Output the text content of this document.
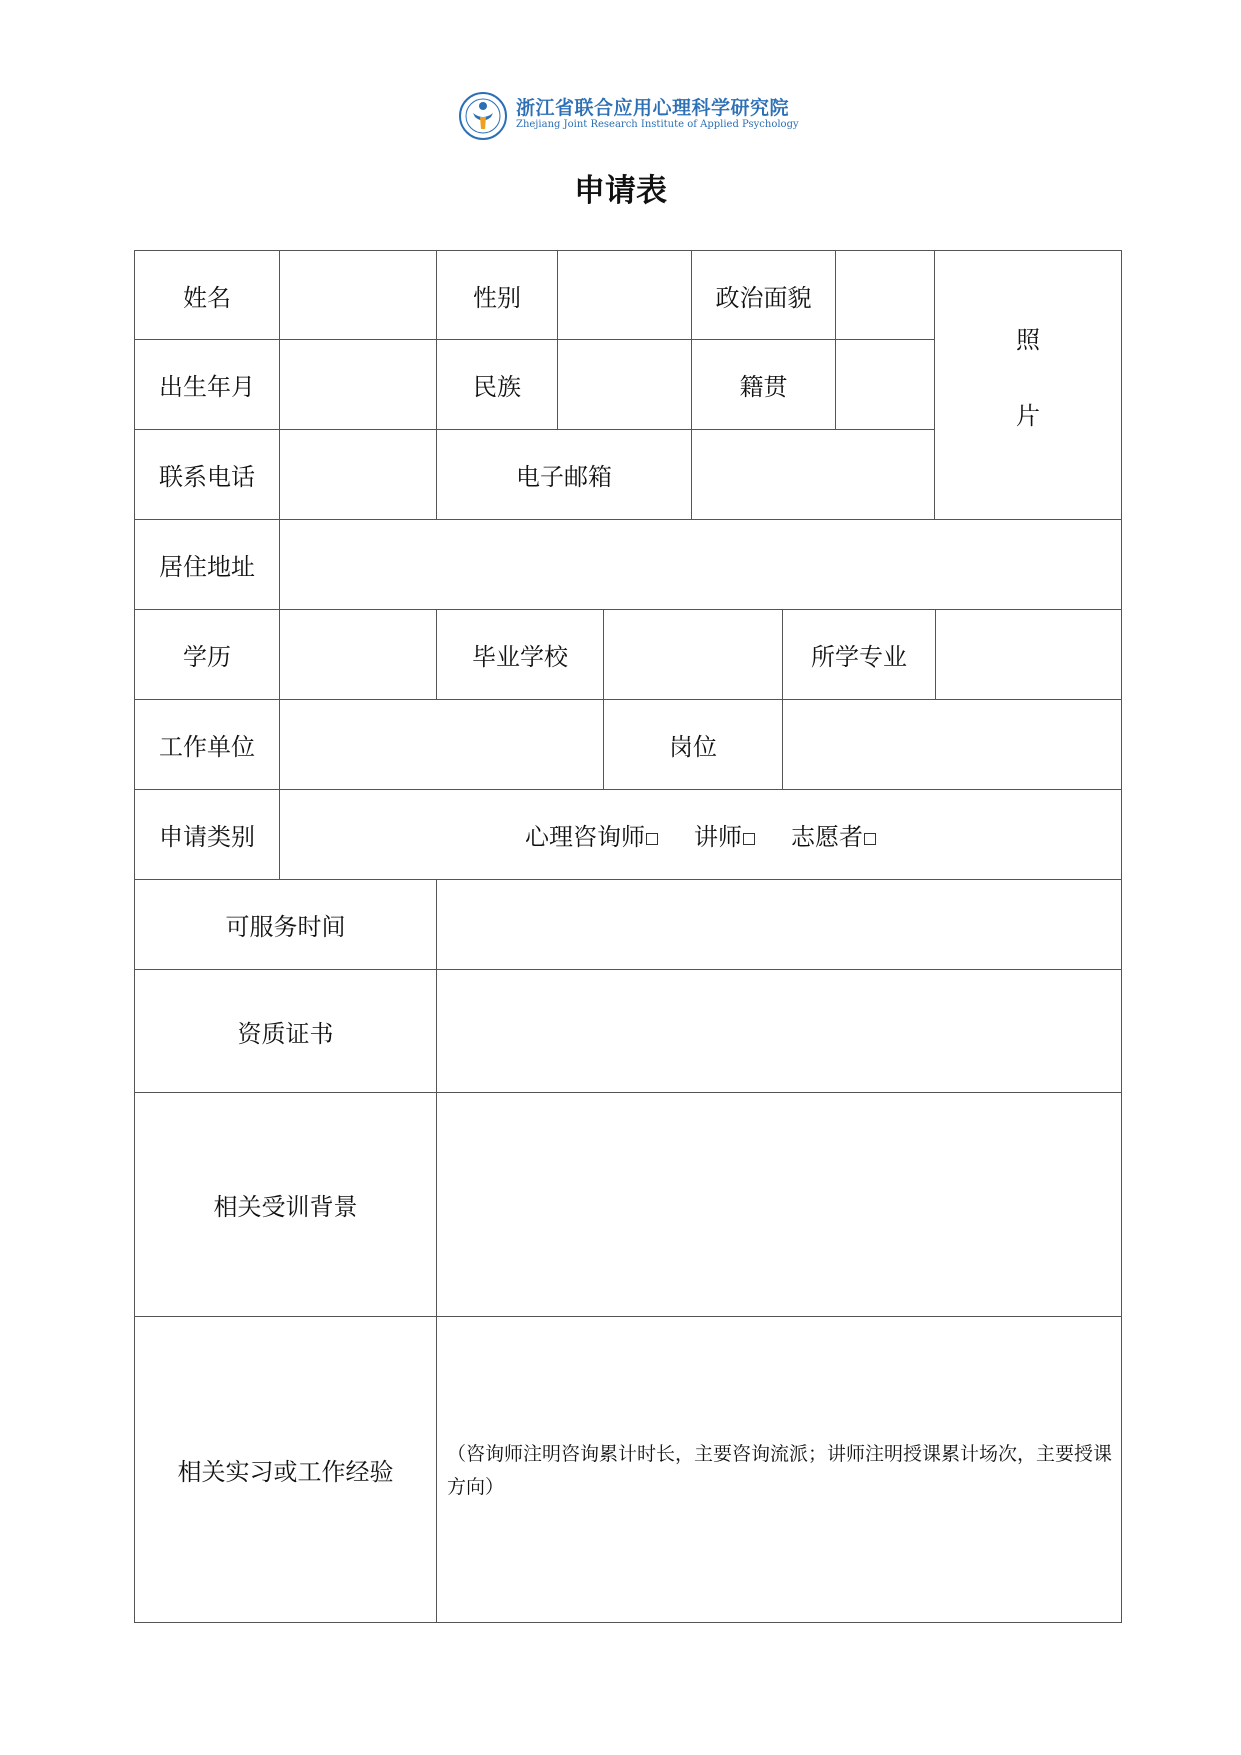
浙江省联合应用心理科学研究院
Zhejiang Joint Research Institute of Applied Psychology
申请表
姓名	性别	政治面貌
照
片
出生年月	民族	籍贯
联系电话	电子邮箱
居住地址
学历	毕业学校	所学专业
工作单位	岗位
申请类别	心理咨询师 讲师 志愿者
可服务时间
资质证书
相关受训背景
相关实习或工作经验
（咨询师注明咨询累计时长，主要咨询流派；讲师注明授课累计场次，主要授课方向）
